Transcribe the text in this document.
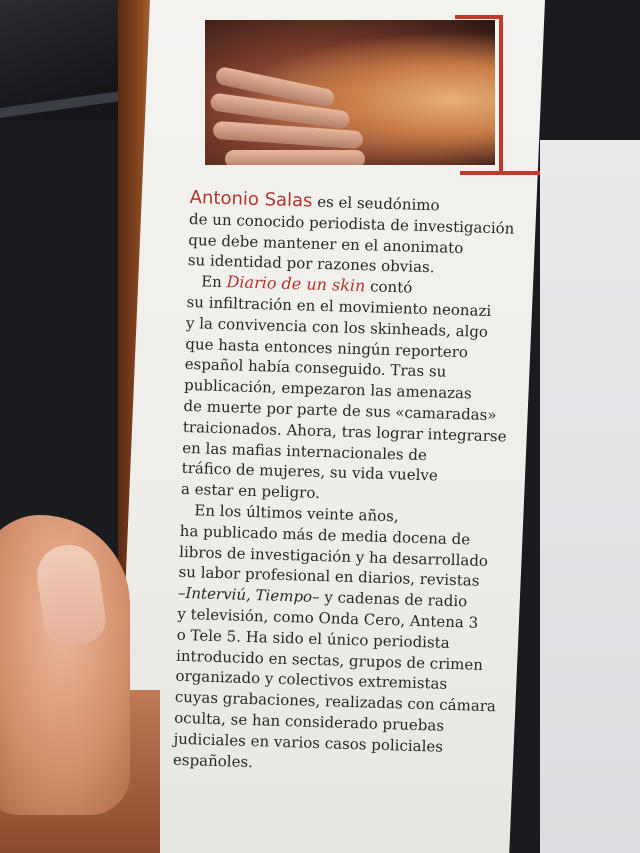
Antonio Salas es el seudónimo
de un conocido periodista de investigación
que debe mantener en el anonimato
su identidad por razones obvias.
En Diario de un skin contó
su infiltración en el movimiento neonazi
y la convivencia con los skinheads, algo
que hasta entonces ningún reportero
español había conseguido. Tras su
publicación, empezaron las amenazas
de muerte por parte de sus «camaradas»
traicionados. Ahora, tras lograr integrarse
en las mafias internacionales de
tráfico de mujeres, su vida vuelve
a estar en peligro.
En los últimos veinte años,
ha publicado más de media docena de
libros de investigación y ha desarrollado
su labor profesional en diarios, revistas
–Interviú, Tiempo– y cadenas de radio
y televisión, como Onda Cero, Antena 3
o Tele 5. Ha sido el único periodista
introducido en sectas, grupos de crimen
organizado y colectivos extremistas
cuyas grabaciones, realizadas con cámara
oculta, se han considerado pruebas
judiciales en varios casos policiales
españoles.
